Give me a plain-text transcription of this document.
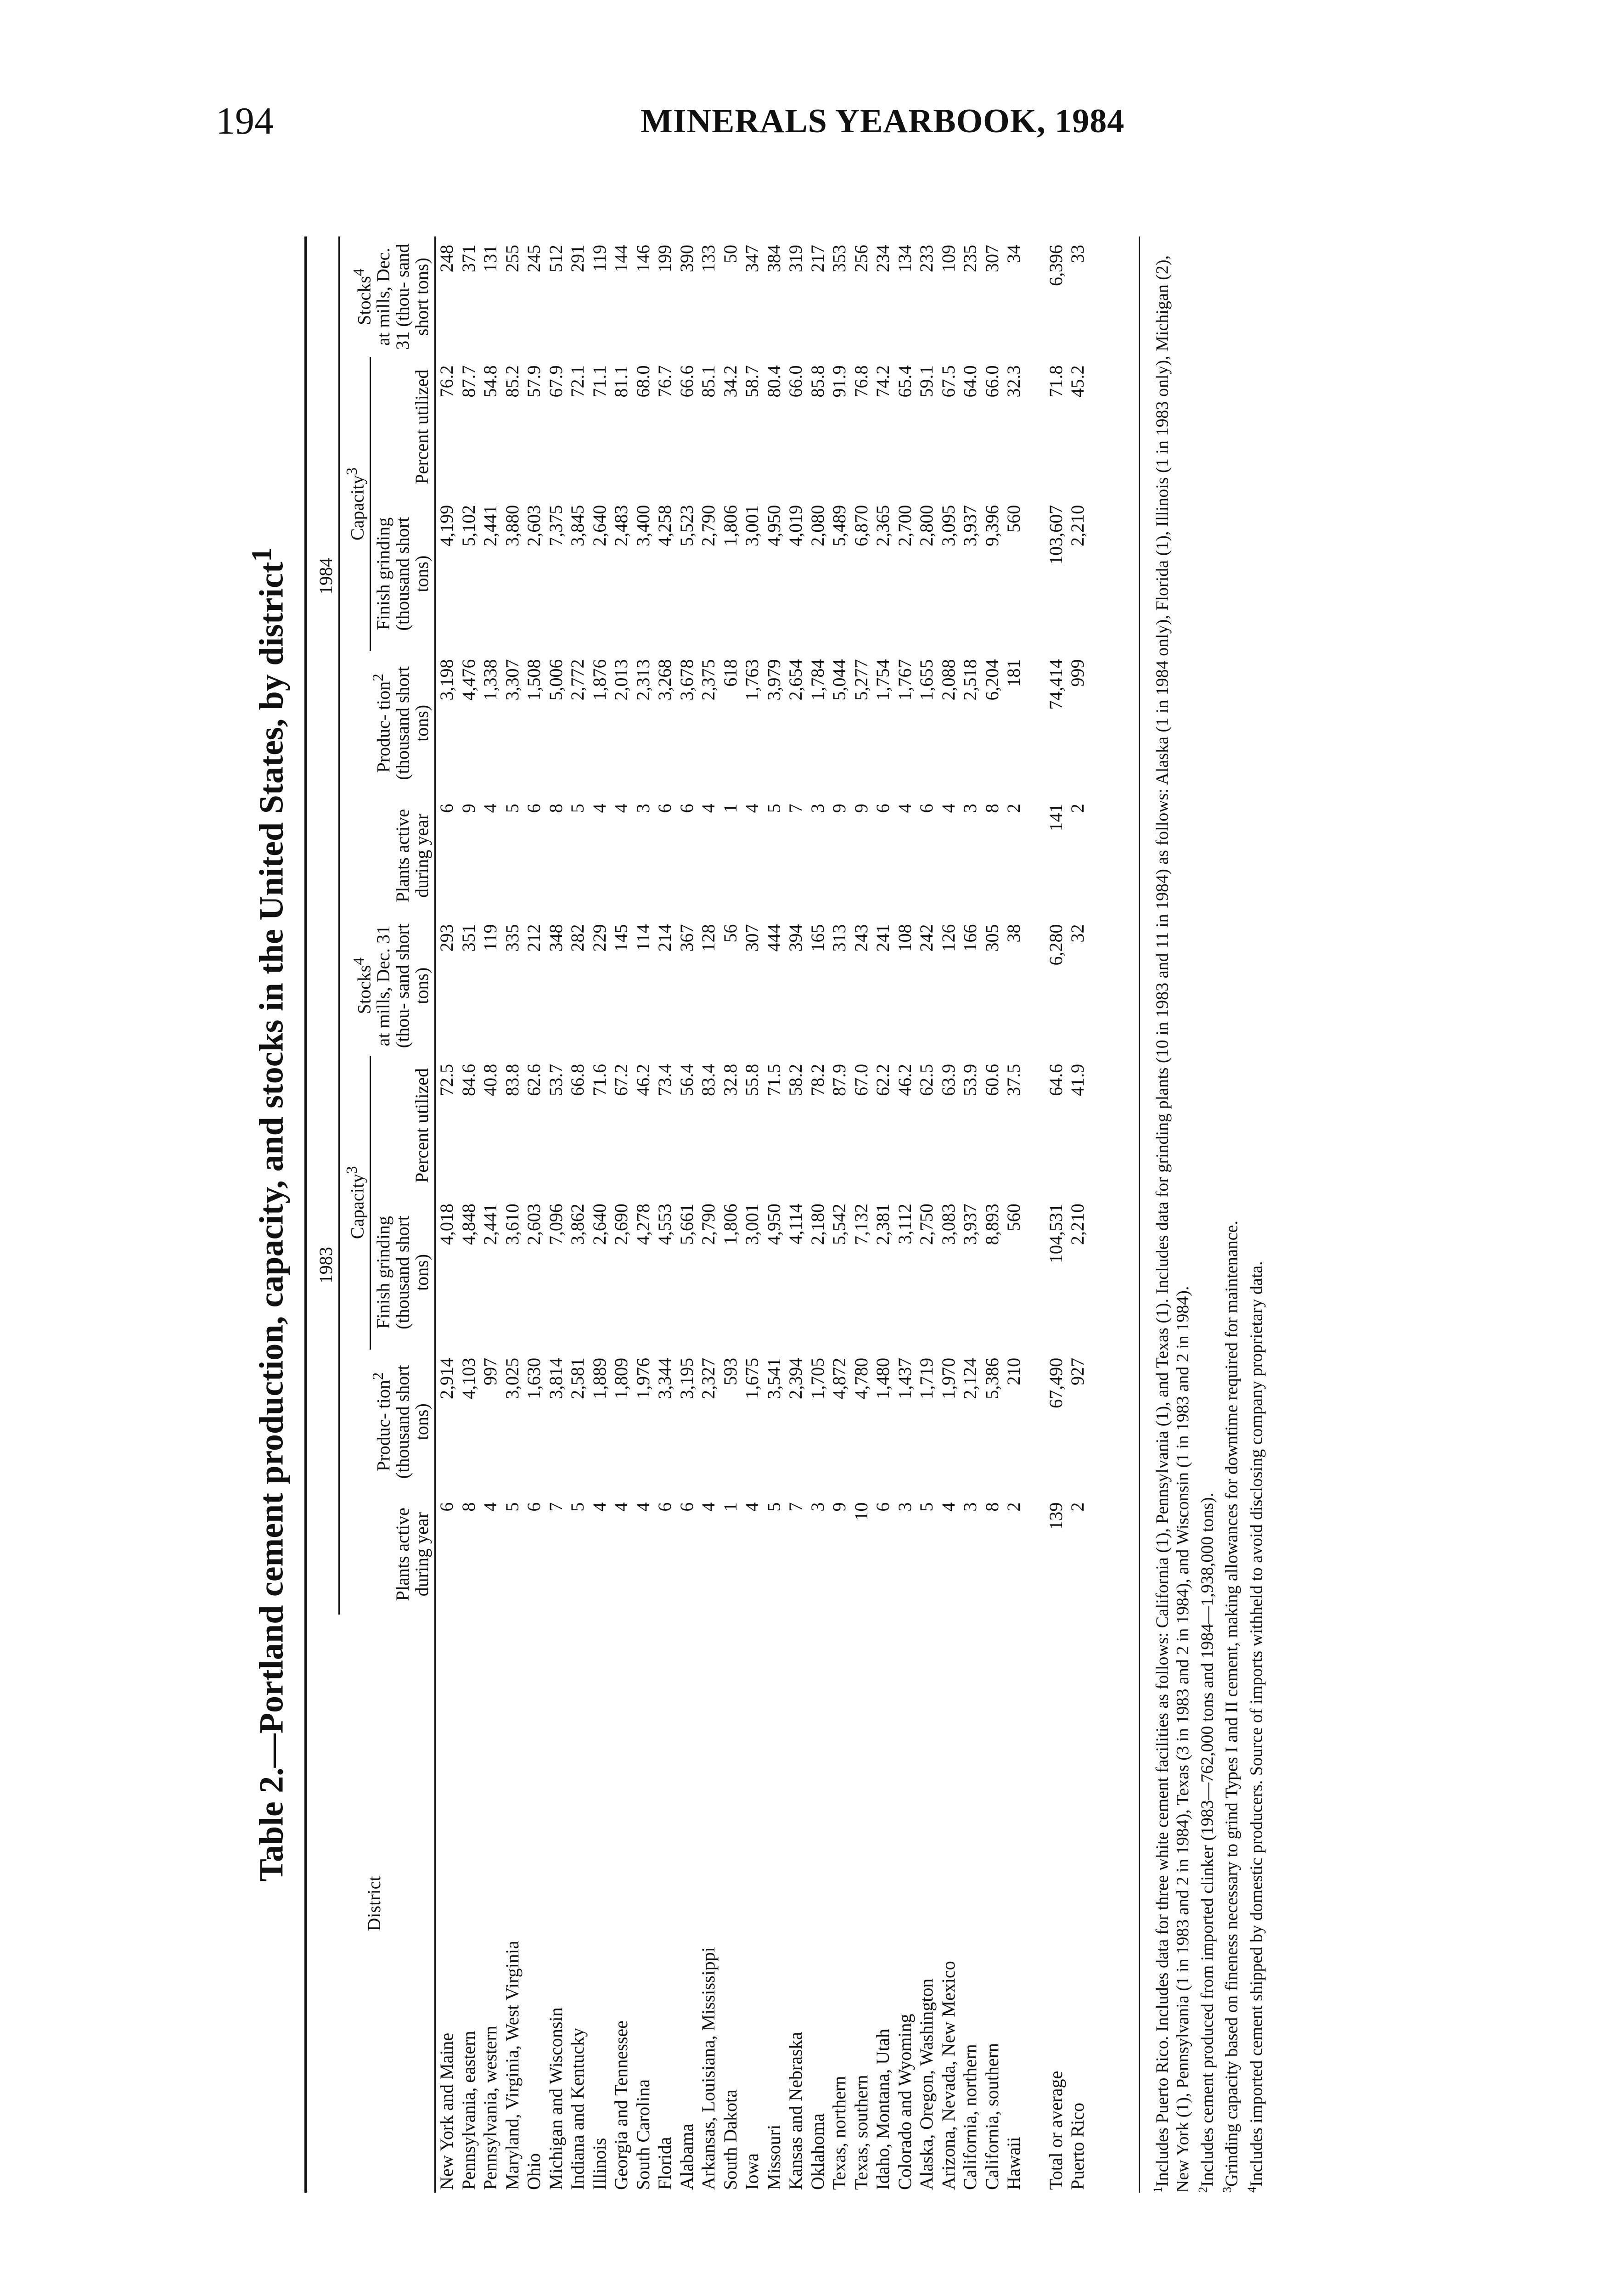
194	MINERALS YEARBOOK, 1984
Table 2.—Portland cement production, capacity, and stocks in the United States, by district$^1$
District	1983					1984				
	Plants active during year	Produc- tion$^2$ (thousand short tons)	Capacity$^3$		Stocks$^4$ at mills, Dec. 31 (thou- sand short tons)	Plants active during year	Produc- tion$^2$ (thousand short tons)	Capacity$^3$		Stocks$^4$ at mills, Dec. 31 (thou- sand short tons)
			Finish grinding (thousand short tons)	Percent utilized				Finish grinding (thousand short tons)	Percent utilized	
New York and Maine	6	2,914	4,018	72.5	293	6	3,198	4,199	76.2	248
Pennsylvania, eastern	8	4,103	4,848	84.6	351	9	4,476	5,102	87.7	371
Pennsylvania, western	4	997	2,441	40.8	119	4	1,338	2,441	54.8	131
Maryland, Virginia, West Virginia	5	3,025	3,610	83.8	335	5	3,307	3,880	85.2	255
Ohio	6	1,630	2,603	62.6	212	6	1,508	2,603	57.9	245
Michigan and Wisconsin	7	3,814	7,096	53.7	348	8	5,006	7,375	67.9	512
Indiana and Kentucky	5	2,581	3,862	66.8	282	5	2,772	3,845	72.1	291
Illinois	4	1,889	2,640	71.6	229	4	1,876	2,640	71.1	119
Georgia and Tennessee	4	1,809	2,690	67.2	145	4	2,013	2,483	81.1	144
South Carolina	4	1,976	4,278	46.2	114	3	2,313	3,400	68.0	146
Florida	6	3,344	4,553	73.4	214	6	3,268	4,258	76.7	199
Alabama	6	3,195	5,661	56.4	367	6	3,678	5,523	66.6	390
Arkansas, Louisiana, Mississippi	4	2,327	2,790	83.4	128	4	2,375	2,790	85.1	133
South Dakota	1	593	1,806	32.8	56	1	618	1,806	34.2	50
Iowa	4	1,675	3,001	55.8	307	4	1,763	3,001	58.7	347
Missouri	5	3,541	4,950	71.5	444	5	3,979	4,950	80.4	384
Kansas and Nebraska	7	2,394	4,114	58.2	394	7	2,654	4,019	66.0	319
Oklahoma	3	1,705	2,180	78.2	165	3	1,784	2,080	85.8	217
Texas, northern	9	4,872	5,542	87.9	313	9	5,044	5,489	91.9	353
Texas, southern	10	4,780	7,132	67.0	243	9	5,277	6,870	76.8	256
Idaho, Montana, Utah	6	1,480	2,381	62.2	241	6	1,754	2,365	74.2	234
Colorado and Wyoming	3	1,437	3,112	46.2	108	4	1,767	2,700	65.4	134
Alaska, Oregon, Washington	5	1,719	2,750	62.5	242	6	1,655	2,800	59.1	233
Arizona, Nevada, New Mexico	4	1,970	3,083	63.9	126	4	2,088	3,095	67.5	109
California, northern	3	2,124	3,937	53.9	166	3	2,518	3,937	64.0	235
California, southern	8	5,386	8,893	60.6	305	8	6,204	9,396	66.0	307
Hawaii	2	210	560	37.5	38	2	181	560	32.3	34

Total or average	139	67,490	104,531	64.6	6,280	141	74,414	103,607	71.8	6,396
Puerto Rico	2	927	2,210	41.9	32	2	999	2,210	45.2	33

$^1$Includes Puerto Rico. Includes data for three white cement facilities as follows: California (1), Pennsylvania (1), and Texas (1). Includes data for grinding plants (10 in 1983 and 11 in 1984) as follows: Alaska (1 in 1984 only), Florida (1), Illinois (1 in 1983 only), Michigan (2), New York (1), Pennsylvania (1 in 1983 and 2 in 1984), Texas (3 in 1983 and 2 in 1984), and Wisconsin (1 in 1983 and 2 in 1984). $^2$Includes cement produced from imported clinker (1983—762,000 tons and 1984—1,938,000 tons).

$^3$Grinding capacity based on fineness necessary to grind Types I and II cement, making allowances for downtime required for maintenance.

$^4$Includes imported cement shipped by domestic producers. Source of imports withheld to avoid disclosing company proprietary data.
